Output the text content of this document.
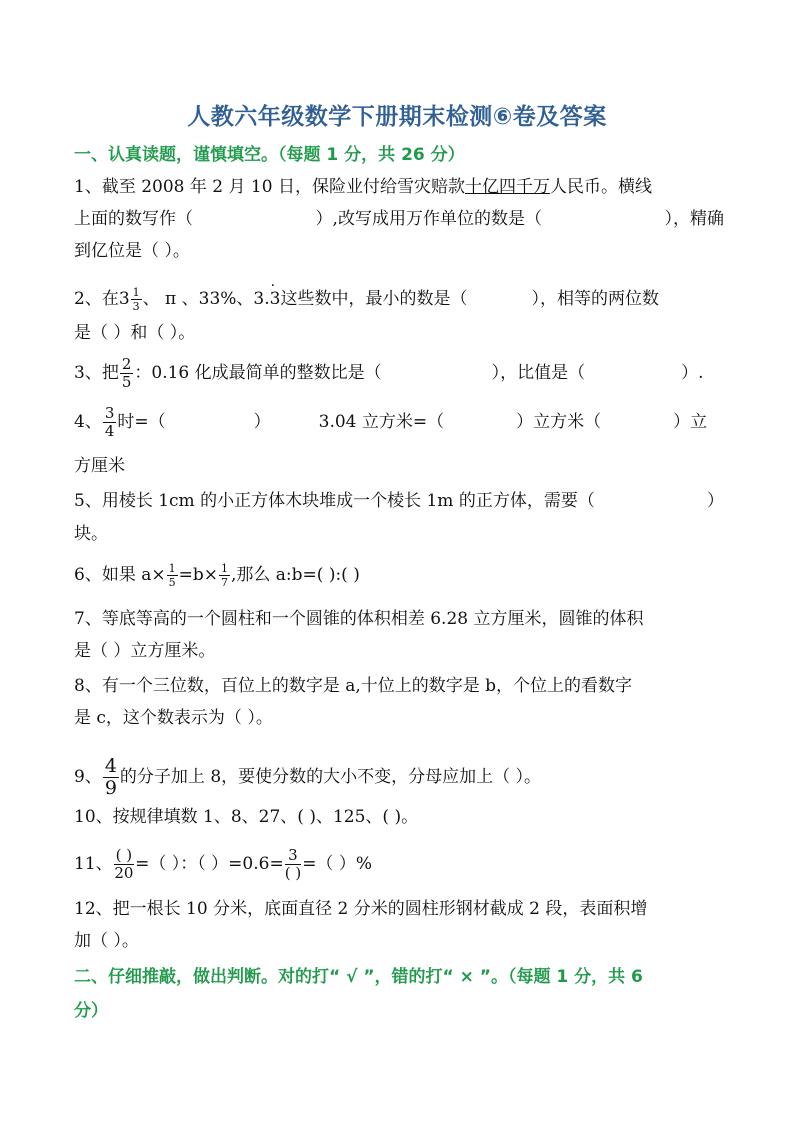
人教六年级数学下册期末检测⑥卷及答案
一、认真读题，谨慎填空。（每题 1 分，共 26 分）
1、截至 2008 年 2 月 10 日，保险业付给雪灾赔款十亿四千万人民币。横线
上面的数写作（	）,改写成用万作单位的数是（	），精确
到亿位是（ ）。
2、在$3 \frac{1}{3}$ 、 π 、33%、3.· 3这些数中，最小的数是（	），相等的两位数
是（ ）和（ ）。
3、把 $\frac{2}{5}$ ：0.16 化成最简单的整数比是（	），比值是（	）.
4、 $\frac{3}{4}$ 时=（	）	3.04 立方米=（	）立方米（	）立
方厘米
5、用棱长 1cm 的小正方体木块堆成一个棱长 1m 的正方体，需要（	）
块。
6、如果 $a\times \frac{1}{5} =b\times \frac{1}{7}$ ,那么 a:b=( ):( )
7、等底等高的一个圆柱和一个圆锥的体积相差 6.28 立方厘米，圆锥的体积
是（ ）立方厘米。
8、有一个三位数，百位上的数字是 a,十位上的数字是 b，个位上的看数字
是 c，这个数表示为（ ）。
9、 $\frac{4}{9}$ 的分子加上 8，要使分数的大小不变，分母应加上（ ）。
10、按规律填数 1、8、27、( )、125、( )。
11、 $\frac{( )}{20}$ =（ ）：（ ）$=0.6= \frac{3}{( )}$ =（ ）%
12、把一根长 10 分米，底面直径 2 分米的圆柱形钢材截成 2 段，表面积增
加（ ）。
二、仔细推敲，做出判断。对的打“ √ ”，错的打“ × ”。（每题 1 分，共 6
分）
